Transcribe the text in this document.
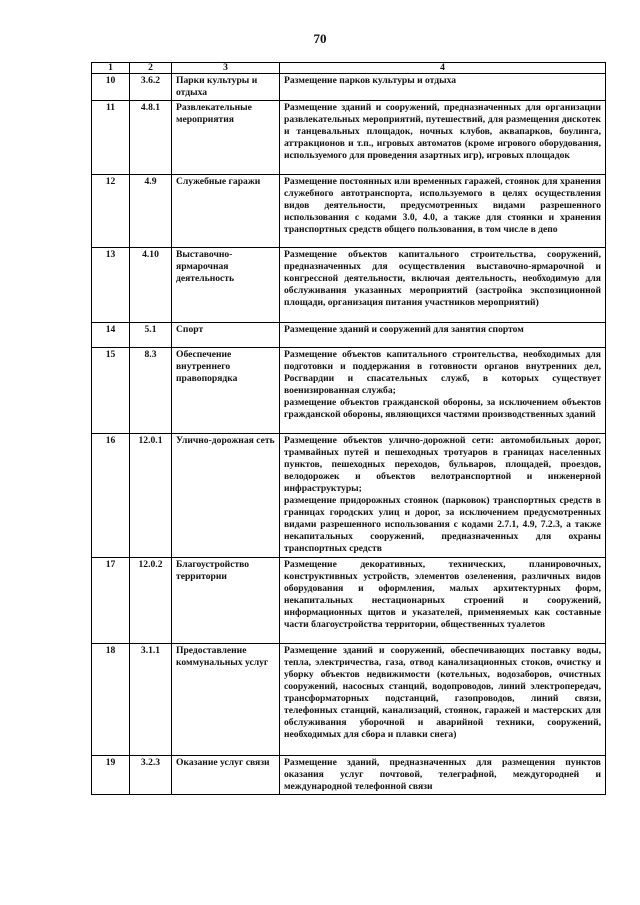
70
1	2	3	4
10	3.6.2	Парки культуры и отдыха	Размещение парков культуры и отдыха
11	4.8.1	Развлекательные мероприятия	Размещение зданий и сооружений, предназначенных для организации развлекательных мероприятий, путешествий, для размещения дискотек и танцевальных площадок, ночных клубов, аквапарков, боулинга, аттракционов и т.п., игровых автоматов (кроме игрового оборудования, используемого для проведения азартных игр), игровых площадок
12	4.9	Служебные гаражи	Размещение постоянных или временных гаражей, стоянок для хранения служебного автотранспорта, используемого в целях осуществления видов деятельности, предусмотренных видами разрешенного использования с кодами 3.0, 4.0, а также для стоянки и хранения транспортных средств общего пользования, в том числе в депо
13	4.10	Выставочно-ярмарочная деятельность	Размещение объектов капитального строительства, сооружений, предназначенных для осуществления выставочно-ярмарочной и конгрессной деятельности, включая деятельность, необходимую для обслуживания указанных мероприятий (застройка экспозиционной площади, организация питания участников мероприятий)
14	5.1	Спорт	Размещение зданий и сооружений для занятия спортом
15	8.3	Обеспечение внутреннего правопорядка	Размещение объектов капитального строительства, необходимых для подготовки и поддержания в готовности органов внутренних дел, Росгвардии и спасательных служб, в которых существует военизированная служба;
размещение объектов гражданской обороны, за исключением объектов гражданской обороны, являющихся частями производственных зданий
16	12.0.1	Улично-дорожная сеть	Размещение объектов улично-дорожной сети: автомобильных дорог, трамвайных путей и пешеходных тротуаров в границах населенных пунктов, пешеходных переходов, бульваров, площадей, проездов, велодорожек и объектов велотранспортной и инженерной инфраструктуры;
размещение придорожных стоянок (парковок) транспортных средств в границах городских улиц и дорог, за исключением предусмотренных видами разрешенного использования с кодами 2.7.1, 4.9, 7.2.3, а также некапитальных сооружений, предназначенных для охраны транспортных средств
17	12.0.2	Благоустройство территории	Размещение декоративных, технических, планировочных, конструктивных устройств, элементов озеленения, различных видов оборудования и оформления, малых архитектурных форм, некапитальных нестационарных строений и сооружений, информационных щитов и указателей, применяемых как составные части благоустройства территории, общественных туалетов
18	3.1.1	Предоставление коммунальных услуг	Размещение зданий и сооружений, обеспечивающих поставку воды, тепла, электричества, газа, отвод канализационных стоков, очистку и уборку объектов недвижимости (котельных, водозаборов, очистных сооружений, насосных станций, водопроводов, линий электропередач, трансформаторных подстанций, газопроводов, линий связи, телефонных станций, канализаций, стоянок, гаражей и мастерских для обслуживания уборочной и аварийной техники, сооружений, необходимых для сбора и плавки снега)
19	3.2.3	Оказание услуг связи	Размещение зданий, предназначенных для размещения пунктов оказания услуг почтовой, телеграфной, междугородней и международной телефонной связи
